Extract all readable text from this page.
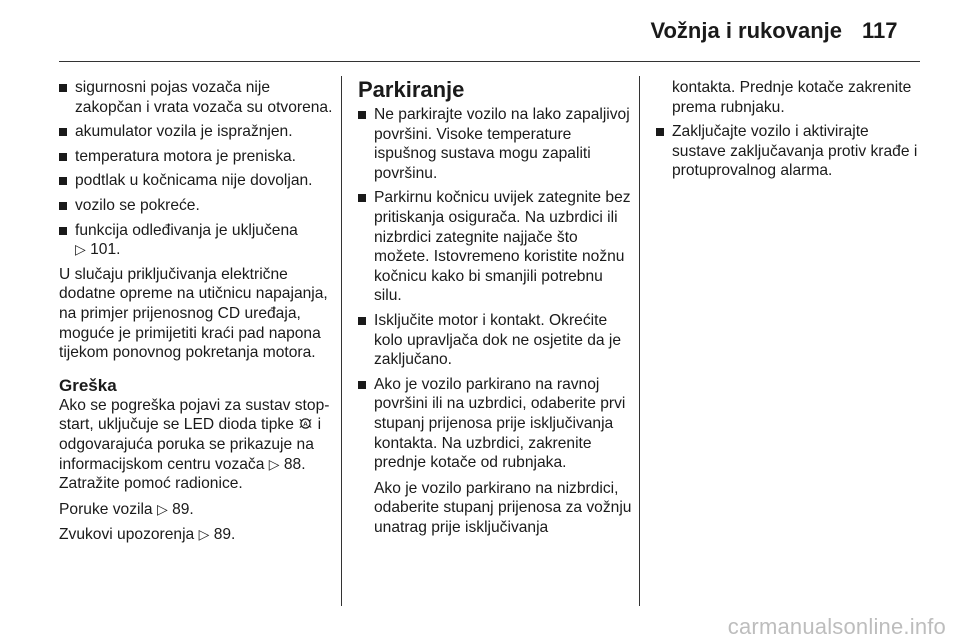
Vožnja i rukovanje 117
sigurnosni pojas vozača nije zakopčan i vrata vozača su otvorena.
akumulator vozila je ispražnjen.
temperatura motora je preniska.
podtlak u kočnicama nije dovoljan.
vozilo se pokreće.
funkcija odleđivanja je uključena
▷ 101.

U slučaju priključivanja električne dodatne opreme na utičnicu napajanja, na primjer prijenosnog CD uređaja, moguće je primijetiti kraći pad napona tijekom ponovnog pokretanja motora.

Greška

Ako se pogreška pojavi za sustav stop-start, uključuje se LED dioda tipke A i odgovarajuća poruka se prikazuje na informacijskom centru vozača ▷ 88. Zatražite pomoć radionice.

Poruke vozila ▷ 89.

Zvukovi upozorenja ▷ 89.

Parkiranje
Ne parkirajte vozilo na lako zapaljivoj površini. Visoke temperature ispušnog sustava mogu zapaliti površinu.
Parkirnu kočnicu uvijek zategnite bez pritiskanja osigurača. Na uzbrdici ili nizbrdici zategnite najjače što možete. Istovremeno koristite nožnu kočnicu kako bi smanjili potrebnu silu.
Isključite motor i kontakt. Okrećite kolo upravljača dok ne osjetite da je zaključano.
Ako je vozilo parkirano na ravnoj površini ili na uzbrdici, odaberite prvi stupanj prijenosa prije isključivanja kontakta. Na uzbrdici, zakrenite prednje kotače od rubnjaka.

Ako je vozilo parkirano na nizbrdici, odaberite stupanj prijenosa za vožnju unatrag prije isključivanja

kontakta. Prednje kotače zakrenite prema rubnjaku.

Zaključajte vozilo i aktivirajte sustave zaključavanja protiv krađe i protuprovalnog alarma.
carmanualsonline.info
